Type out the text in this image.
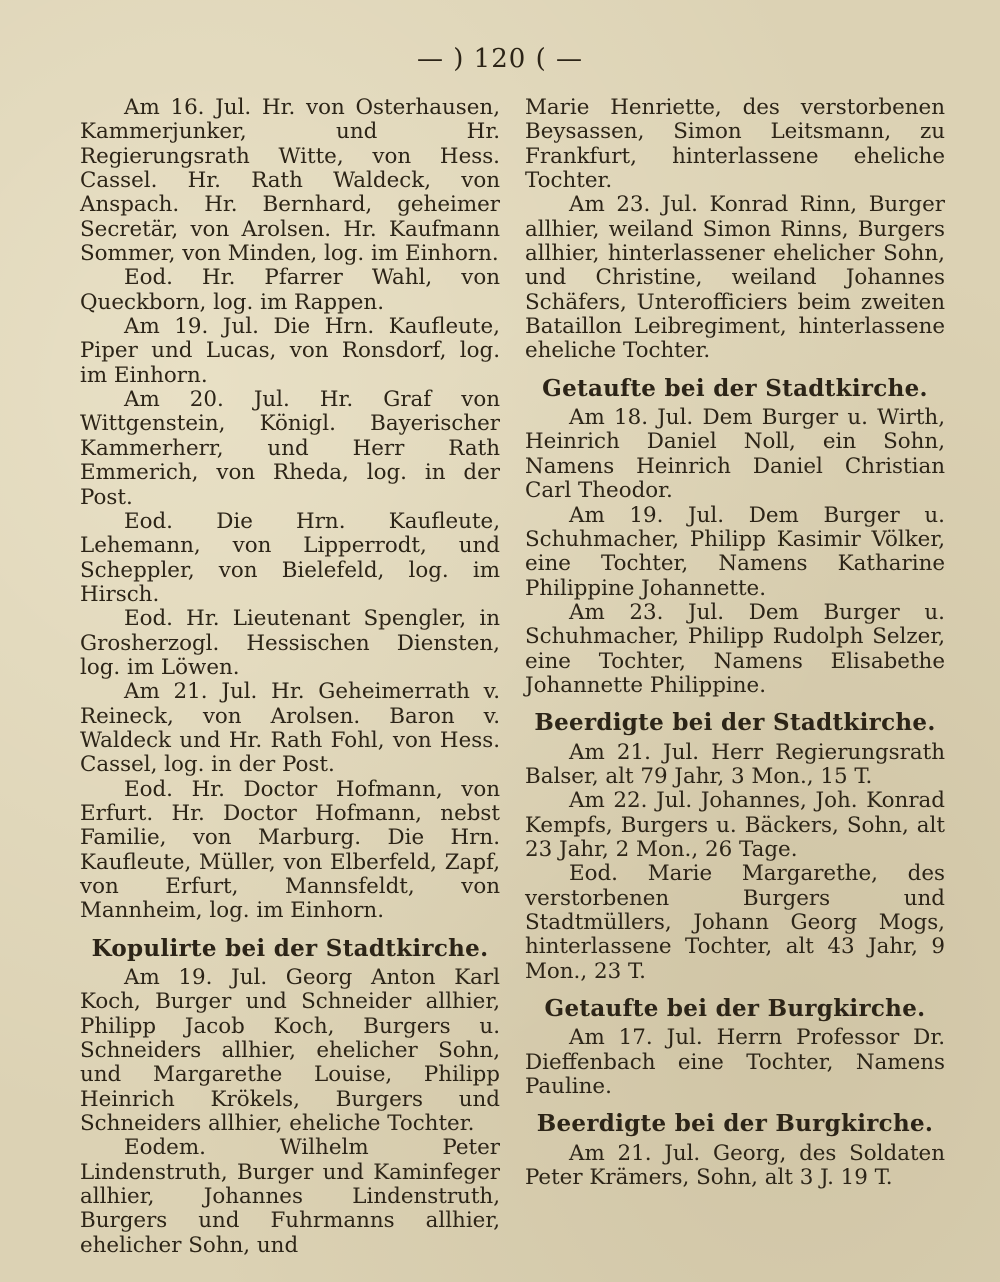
— ) 120 ( —

Am 16. Jul. Hr. von Osterhausen, Kammerjunker, und Hr. Regierungsrath Witte, von Hess. Cassel. Hr. Rath Waldeck, von Anspach. Hr. Bernhard, geheimer Secretär, von Arolsen. Hr. Kaufmann Sommer, von Minden, log. im Einhorn.

Eod. Hr. Pfarrer Wahl, von Queckborn, log. im Rappen.

Am 19. Jul. Die Hrn. Kaufleute, Piper und Lucas, von Ronsdorf, log. im Einhorn.

Am 20. Jul. Hr. Graf von Wittgenstein, Königl. Bayerischer Kammerherr, und Herr Rath Emmerich, von Rheda, log. in der Post.

Eod. Die Hrn. Kaufleute, Lehemann, von Lipperrodt, und Scheppler, von Bielefeld, log. im Hirsch.

Eod. Hr. Lieutenant Spengler, in Grosherzogl. Hessischen Diensten, log. im Löwen.

Am 21. Jul. Hr. Geheimerrath v. Reineck, von Arolsen. Baron v. Waldeck und Hr. Rath Fohl, von Hess. Cassel, log. in der Post.

Eod. Hr. Doctor Hofmann, von Erfurt. Hr. Doctor Hofmann, nebst Familie, von Marburg. Die Hrn. Kaufleute, Müller, von Elberfeld, Zapf, von Erfurt, Mannsfeldt, von Mannheim, log. im Einhorn.

Kopulirte bei der Stadtkirche.

Am 19. Jul. Georg Anton Karl Koch, Burger und Schneider allhier, Philipp Jacob Koch, Burgers u. Schneiders allhier, ehelicher Sohn, und Margarethe Louise, Philipp Heinrich Krökels, Burgers und Schneiders allhier, eheliche Tochter.

Eodem. Wilhelm Peter Lindenstruth, Burger und Kaminfeger allhier, Johannes Lindenstruth, Burgers und Fuhrmanns allhier, ehelicher Sohn, und

Marie Henriette, des verstorbenen Beysassen, Simon Leitsmann, zu Frankfurt, hinterlassene eheliche Tochter.

Am 23. Jul. Konrad Rinn, Burger allhier, weiland Simon Rinns, Burgers allhier, hinterlassener ehelicher Sohn, und Christine, weiland Johannes Schäfers, Unterofficiers beim zweiten Bataillon Leibregiment, hinterlassene eheliche Tochter.

Getaufte bei der Stadtkirche.

Am 18. Jul. Dem Burger u. Wirth, Heinrich Daniel Noll, ein Sohn, Namens Heinrich Daniel Christian Carl Theodor.

Am 19. Jul. Dem Burger u. Schuhmacher, Philipp Kasimir Völker, eine Tochter, Namens Katharine Philippine Johannette.

Am 23. Jul. Dem Burger u. Schuhmacher, Philipp Rudolph Selzer, eine Tochter, Namens Elisabethe Johannette Philippine.

Beerdigte bei der Stadtkirche.

Am 21. Jul. Herr Regierungsrath Balser, alt 79 Jahr, 3 Mon., 15 T.

Am 22. Jul. Johannes, Joh. Konrad Kempfs, Burgers u. Bäckers, Sohn, alt 23 Jahr, 2 Mon., 26 Tage.

Eod. Marie Margarethe, des verstorbenen Burgers und Stadtmüllers, Johann Georg Mogs, hinterlassene Tochter, alt 43 Jahr, 9 Mon., 23 T.

Getaufte bei der Burgkirche.

Am 17. Jul. Herrn Professor Dr. Dieffenbach eine Tochter, Namens Pauline.

Beerdigte bei der Burgkirche.

Am 21. Jul. Georg, des Soldaten Peter Krämers, Sohn, alt 3 J. 19 T.
